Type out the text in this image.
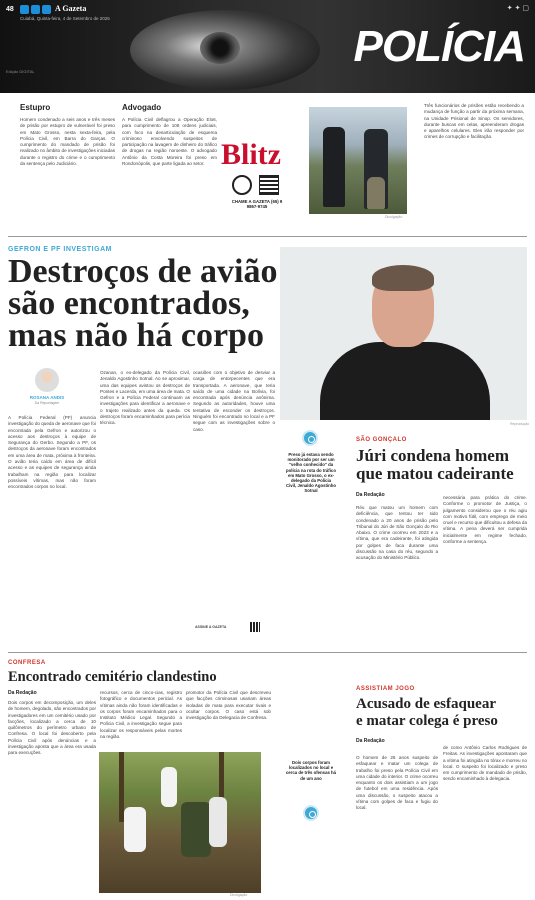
48	A Gazeta
Cuiabá, Quinta-feira, 4 de Setembro de 2025
Edição DIGITAL
✦ ✦ ▢
POLÍCIA
Estupro
Homem condenado a seis anos e três meses de prisão por estupro de vulnerável foi preso em Mato Grosso, nesta sexta-feira, pela Polícia Civil, em Barra do Garças. O cumprimento do mandado de prisão foi realizado no âmbito de investigações iniciadas durante o registro do crime e o cumprimento da sentença pelo Judiciário.
Advogado
A Polícia Civil deflagrou a Operação Elo6, para cumprimento de 108 ordens judiciais, com foco na desarticulação de esquema criminoso envolvendo suspeitos de participação na lavagem de dinheiro do tráfico de drogas na região noroeste. O advogado Antônio da Costa Moreira foi preso em Rondonópolis, que parte ligada ao setor. Blitz
CHAME A GAZETA (65) 9 9867-9745
Divulgação
Três funcionários de prisões estão recebendo a mudança de função a partir da próxima semana, na Unidade Prisional de Sinop. Os servidores, durante buscas em celas, apreenderam drogas e aparelhos celulares. Eles irão responder por crimes de corrupção e facilitação.
GEFRON E PF INVESTIGAM
Destroços de avião
são encontrados,
mas não há corpo
ROSANA ANDIS
Da Reportagem
A Polícia Federal (PF) anuncia investigação do queda de aeronave que foi encontrada pela Gefron e autorizou o acesso aos destroços à equipe de Segurança do Gerbo. Segundo a PF, os destroços da aeronave foram encontrados em uma área de mata, próxima à fronteira. O avião teria caído em área de difícil acesso e as equipes de segurança ainda trabalham na região para localizar possíveis vítimas, mas não foram encontrados corpos no local.
Ozanan, o ex-delegado da Polícia Civil, Jenaldo Agostinho Sotnal. Ao se aproximar, uma das equipes avistou os destroços de Pontes e Lacerda, em uma área de mata. O Gefron e a Polícia Federal continuam as investigações para identificar a aeronave e o trajeto realizado antes da queda. Os destroços foram encaminhados para perícia técnica.
ocasiões com o objetivo de desviar a carga de entorpecentes que era transportada. A aeronave, que teria saído de uma cidade na Bolívia, foi encontrada após denúncia anônima. Segundo as autoridades, houve uma tentativa de esconder os destroços. Ninguém foi encontrado no local e a PF segue com as investigações sobre o caso.
ASSINE A GAZETA
Reprodução
Preso já estava sendo monitorado por ser um "velho conhecido" da polícia na rota do tráfico em Mato Grosso, o ex-delegado da Polícia Civil, Jenaldo Agostinho Sotnal
SÃO GONÇALO
Júri condena homem
que matou cadeirante
Da Redação
Réu que matou um homem com deficiência, que tentou ter sido condenado a 20 anos de prisão pelo Tribunal do Júri de São Gonçalo do Rio Abaixo. O crime ocorreu em 2023 e a vítima, que era cadeirante, foi atingida por golpes de faca durante uma discussão na casa do réu, segundo a acusação do Ministério Público.
necessária para prática do crime. Conforme o promotor de Justiça, o julgamento considerou que o réu agiu com motivo fútil, com emprego de meio cruel e recurso que dificultou a defesa da vítima. A pena deverá ser cumprida inicialmente em regime fechado, conforme a sentença.
CONFRESA
Encontrado cemitério clandestino
Da Redação
Dois corpos em decomposição, um deles de homem, degolado, são encontrados por investigadores em um cemitério usado por facções, localizado a cerca de 10 quilômetros do perímetro urbano de Confresa. O local foi descoberto pela Polícia Civil após denúncias e a investigação aponta que a área era usada para execuções.
recursos, cerca de cinco-cias, registro fotográfico e documentos pericial. As vítimas ainda não foram identificadas e os corpos foram encaminhados para o Instituto Médico Legal. Segundo a Polícia Civil, a investigação segue para localizar os responsáveis pelas mortes na região.
promotor da Polícia Civil que descreveu que facções criminosas usariam áreas isoladas de mata para executar rivais e ocultar corpos. O caso está sob investigação da Delegacia de Confresa.
Divulgação
Dois corpos foram localizados no local e cerca de três ofensas há de um ano
ASSISTIAM JOGO
Acusado de esfaquear
e matar colega é preso
Da Redação
O homem de 26 anos suspeito de esfaquear e matar um colega de trabalho foi preso pela Polícia Civil em uma cidade do interior. O crime ocorreu enquanto os dois assistiam a um jogo de futebol em uma residência. Após uma discussão, o suspeito atacou a vítima com golpes de faca e fugiu do local.
de como Antônio Carlos Rodrigues de Freitas. As investigações apontaram que a vítima foi atingida no tórax e morreu no local. O suspeito foi localizado e preso em cumprimento de mandado de prisão, sendo encaminhado à delegacia.
